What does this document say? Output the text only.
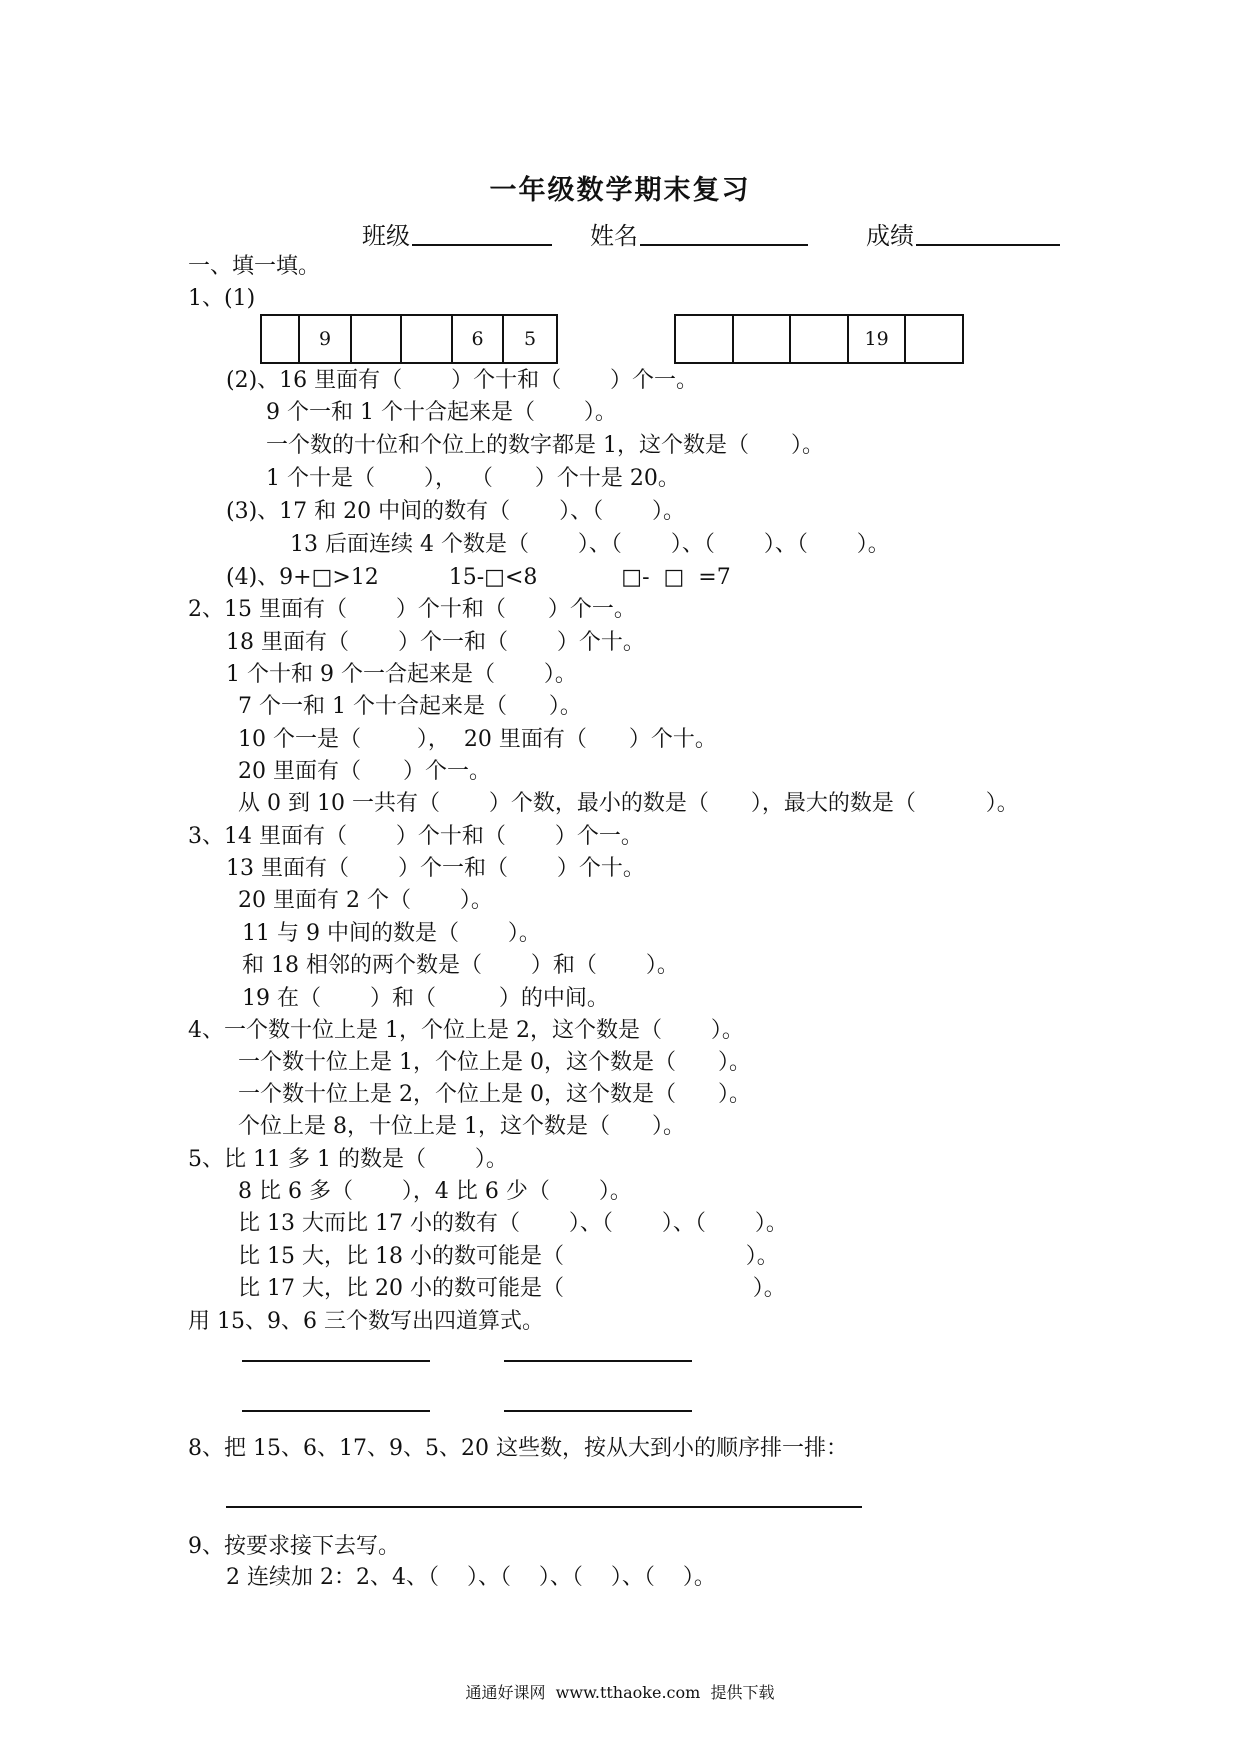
一年级数学期末复习
班级	姓名	成绩
一、填一填。
1、(1)
9	6	5	19
(2)、16 里面有（       ）个十和（       ）个一。
9 个一和 1 个十合起来是（       ）。
一个数的十位和个位上的数字都是 1，这个数是（      ）。
1 个十是（       ），  （      ）个十是 20。
(3)、17 和 20 中间的数有（       ）、（       ）。
13 后面连续 4 个数是（       ）、（       ）、（       ）、（       ）。
(4)、9+□>12          15-□<8            □-  □  =7
2、15 里面有（       ）个十和（      ）个一。
18 里面有（       ）个一和（       ）个十。
1 个十和 9 个一合起来是（       ）。
7 个一和 1 个十合起来是（      ）。
10 个一是（        ），  20 里面有（      ）个十。
20 里面有（      ）个一。
从 0 到 10 一共有（       ）个数，最小的数是（      ），最大的数是（          ）。
3、14 里面有（       ）个十和（       ）个一。
13 里面有（       ）个一和（       ）个十。
20 里面有 2 个（       ）。
11 与 9 中间的数是（       ）。
和 18 相邻的两个数是（       ）和（       ）。
19 在（       ）和（         ）的中间。
4、一个数十位上是 1，个位上是 2，这个数是（       ）。
一个数十位上是 1，个位上是 0，这个数是（      ）。
一个数十位上是 2，个位上是 0，这个数是（      ）。
个位上是 8，十位上是 1，这个数是（      ）。
5、比 11 多 1 的数是（       ）。
8 比 6 多（       ），4 比 6 少（       ）。
比 13 大而比 17 小的数有（       ）、（       ）、（       ）。
比 15 大，比 18 小的数可能是（                          ）。
比 17 大，比 20 小的数可能是（                           ）。
用 15、9、6 三个数写出四道算式。
8、把 15、6、17、9、5、20 这些数，按从大到小的顺序排一排：
9、按要求接下去写。
2 连续加 2：2、4、（    ）、（    ）、（    ）、（    ）。
通通好课网  www.tthaoke.com  提供下载
